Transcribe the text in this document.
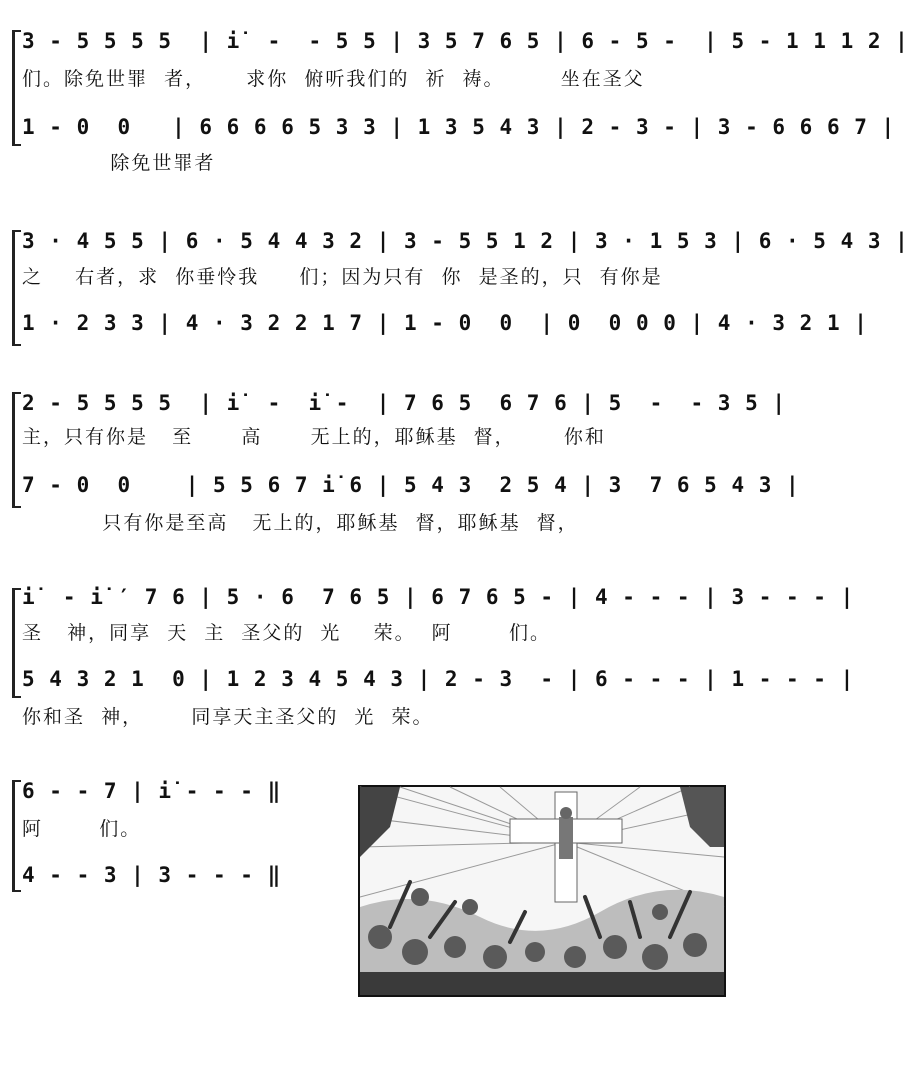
3 - 5 5 5 5  | i̇  -  - 5 5 | 3 5 7 6 5 | 6 - 5 -  | 5 - 1 1 1 2 |
们。除免世罪  者，     求你  俯听我们的  祈  祷。       坐在圣父
1 - 0  0   | 6 6 6 6 5 3 3 | 1 3 5 4 3 | 2 - 3 - | 3 - 6 6 6 7 |
除免世罪者
3 · 4 5 5 | 6 · 5 4 4 3 2 | 3 - 5 5 1 2 | 3 · 1 5 3 | 6 · 5 4 3 |
之    右者，求  你垂怜我     们；因为只有  你  是圣的，只  有你是
1 · 2 3 3 | 4 · 3 2 2 1 7 | 1 - 0  0  | 0  0 0 0 | 4 · 3 2 1 |
2 - 5 5 5 5  | i̇  -  i̇ -  | 7 6 5  6 7 6 | 5  -  - 3 5 |
主，只有你是   至      高      无上的，耶稣基  督，      你和
7 - 0  0    | 5 5 6 7 i̇ 6 | 5 4 3  2 5 4 | 3  7 6 5 4 3 |
只有你是至高   无上的，耶稣基  督，耶稣基  督，
i̇  - i̇ ′ 7 6 | 5 · 6  7 6 5 | 6 7 6 5 - | 4 - - - | 3 - - - |
圣   神，同享  天  主  圣父的  光    荣。  阿       们。
5 4 3 2 1  0 | 1 2 3 4 5 4 3 | 2 - 3  - | 6 - - - | 1 - - - |
你和圣  神，      同享天主圣父的  光  荣。
6 - - 7 | i̇ - - - ‖
阿       们。
4 - - 3 | 3 - - - ‖
